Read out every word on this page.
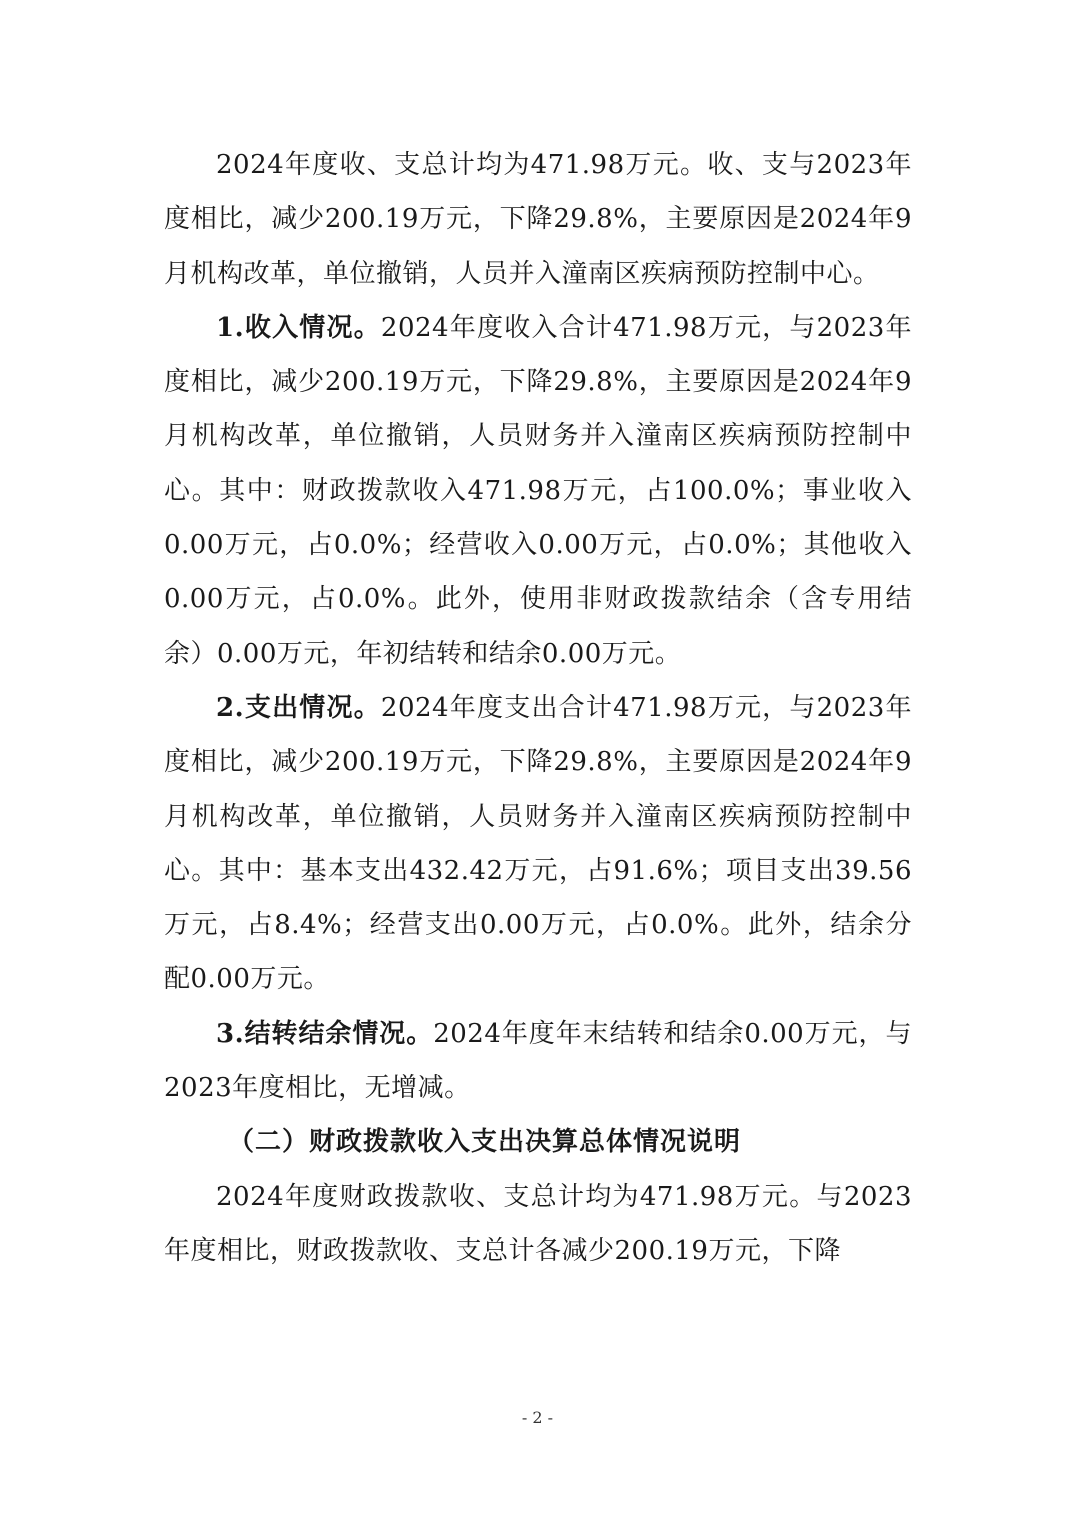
2024年度收、支总计均为471.98万元。收、支与2023年度相比，减少200.19万元，下降29.8%，主要原因是2024年9月机构改革，单位撤销，人员并入潼南区疾病预防控制中心。

1.收入情况。2024年度收入合计471.98万元，与2023年度相比，减少200.19万元，下降29.8%，主要原因是2024年9月机构改革，单位撤销，人员财务并入潼南区疾病预防控制中心。其中：财政拨款收入471.98万元，占100.0%；事业收入0.00万元，占0.0%；经营收入0.00万元，占0.0%；其他收入0.00万元，占0.0%。此外，使用非财政拨款结余（含专用结余）0.00万元，年初结转和结余0.00万元。

2.支出情况。2024年度支出合计471.98万元，与2023年度相比，减少200.19万元，下降29.8%，主要原因是2024年9月机构改革，单位撤销，人员财务并入潼南区疾病预防控制中心。其中：基本支出432.42万元，占91.6%；项目支出39.56万元，占8.4%；经营支出0.00万元，占0.0%。此外，结余分配0.00万元。

3.结转结余情况。2024年度年末结转和结余0.00万元，与2023年度相比，无增减。

（二）财政拨款收入支出决算总体情况说明

2024年度财政拨款收、支总计均为471.98万元。与2023年度相比，财政拨款收、支总计各减少200.19万元，下降

- 2 -
